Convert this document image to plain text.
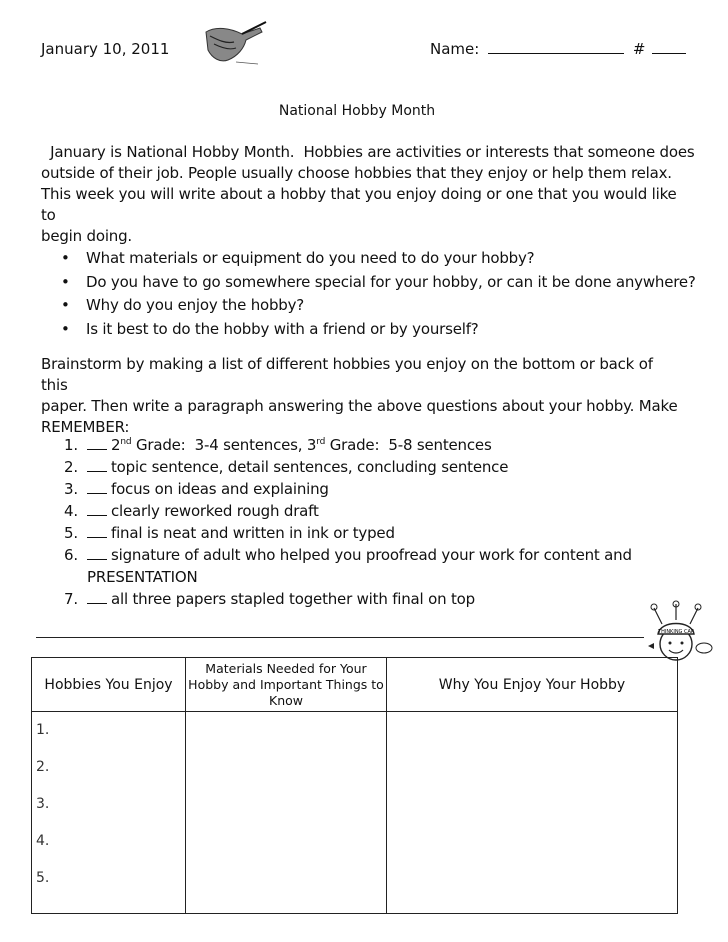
January 10, 2011	Name:	#
National Hobby Month

January is National Hobby Month.  Hobbies are activities or interests that someone does

outside of their job. People usually choose hobbies that they enjoy or help them relax.

This week you will write about a hobby that you enjoy doing or one that you would like to

begin doing.

• What materials or equipment do you need to do your hobby?
• Do you have to go somewhere special for your hobby, or can it be done anywhere?
• Why do you enjoy the hobby?
• Is it best to do the hobby with a friend or by yourself?

Brainstorm by making a list of different hobbies you enjoy on the bottom or back of this

paper. Then write a paragraph answering the above questions about your hobby. Make

REMEMBER:

1. 2nd Grade:  3-4 sentences, 3rd Grade:  5-8 sentences
2. topic sentence, detail sentences, concluding sentence
3. focus on ideas and explaining
4. clearly reworked rough draft
5. final is neat and written in ink or typed
6. signature of adult who helped you proofread your work for content and
PRESENTATION
7. all three papers stapled together with final on top
THINKING CAP
Hobbies You Enjoy	Materials Needed for Your Hobby and Important Things to Know	Why You Enjoy Your Hobby

1.
2.
3.
4.
5.		
